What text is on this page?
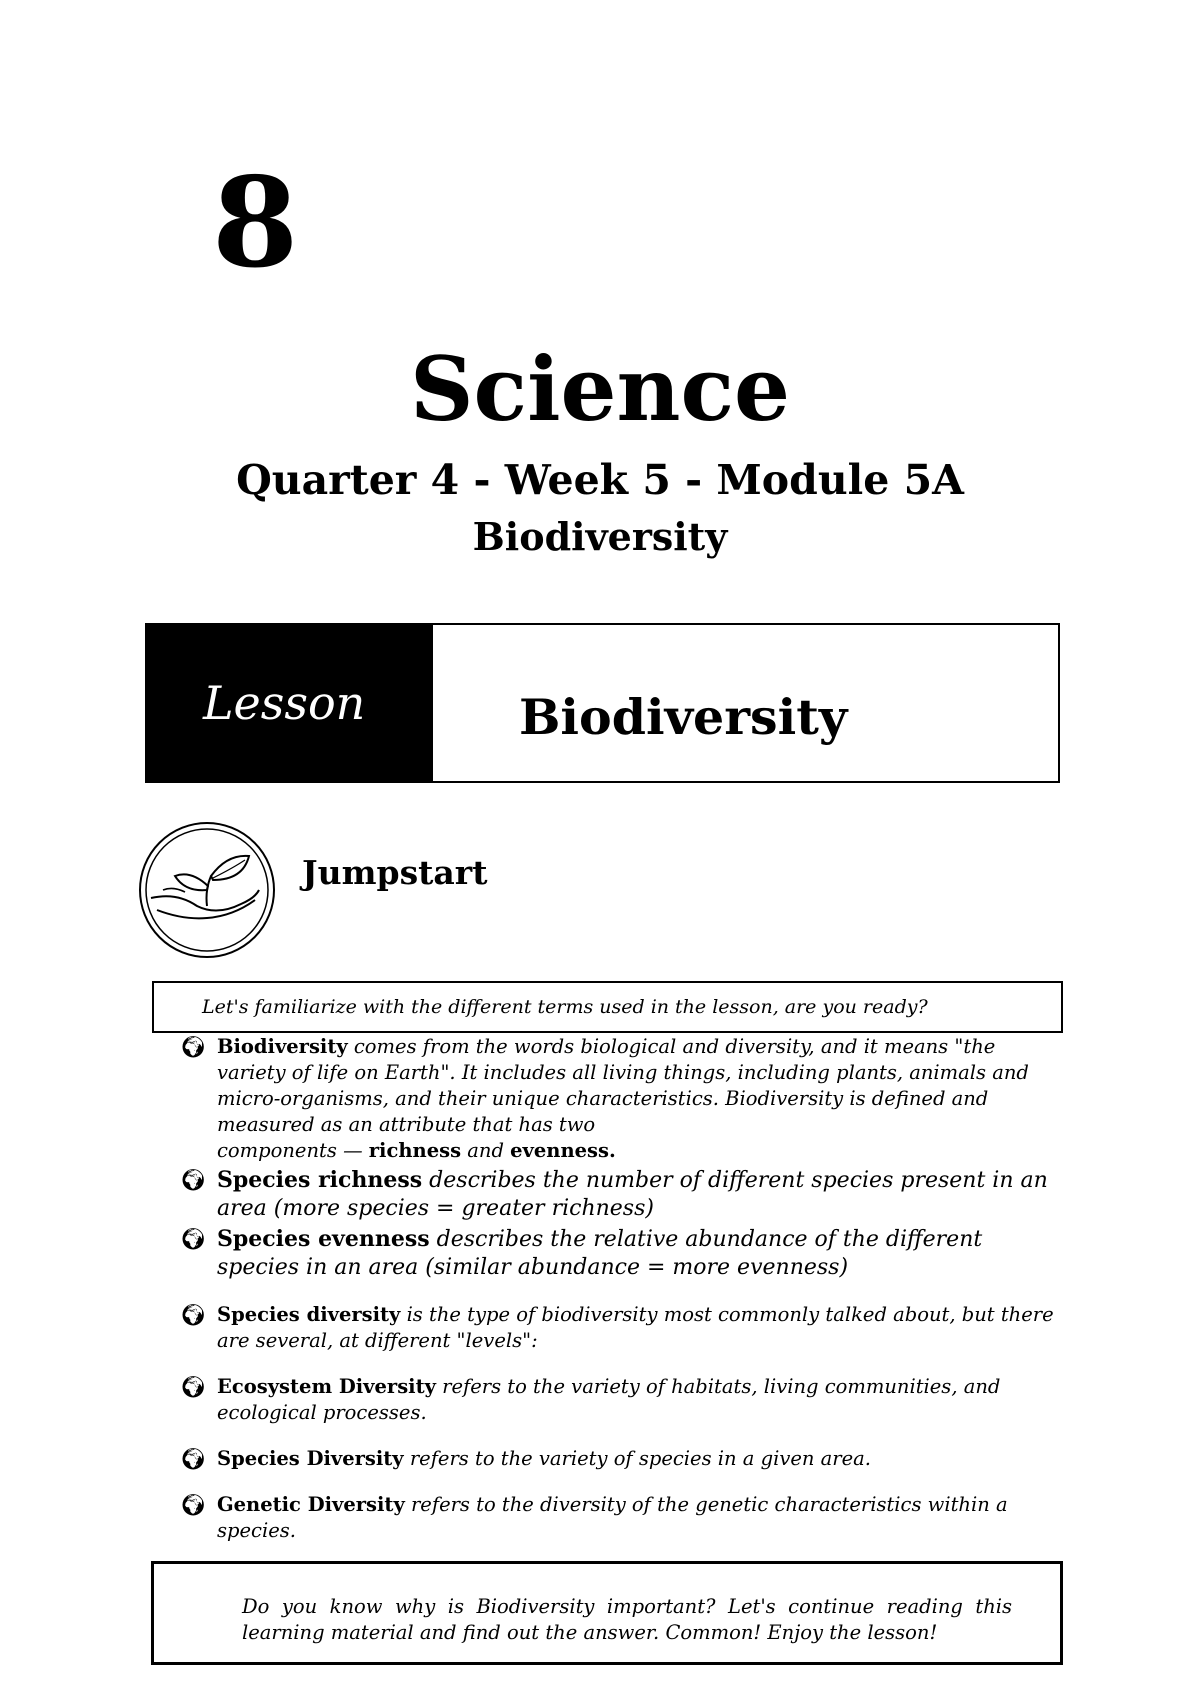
8
Science
Quarter 4 - Week 5 - Module 5A
Biodiversity
Lesson	Biodiversity
Jumpstart
Let's familiarize with the different terms used in the lesson, are you ready?
🌍︎ Biodiversity comes from the words biological and diversity, and it means "the variety of life on Earth". It includes all living things, including plants, animals and micro-organisms, and their unique characteristics. Biodiversity is defined and measured as an attribute that has two
components — richness and evenness.
🌍︎ Species richness describes the number of different species present in an area (more species = greater richness)
🌍︎ Species evenness describes the relative abundance of the different species in an area (similar abundance = more evenness)
🌍︎ Species diversity is the type of biodiversity most commonly talked about, but there are several, at different "levels":
🌍︎ Ecosystem Diversity refers to the variety of habitats, living communities, and ecological processes.
🌍︎ Species Diversity refers to the variety of species in a given area.
🌍︎ Genetic Diversity refers to the diversity of the genetic characteristics within a species.
Do you know why is Biodiversity important? Let's continue reading this learning material and find out the answer. Common! Enjoy the lesson!
